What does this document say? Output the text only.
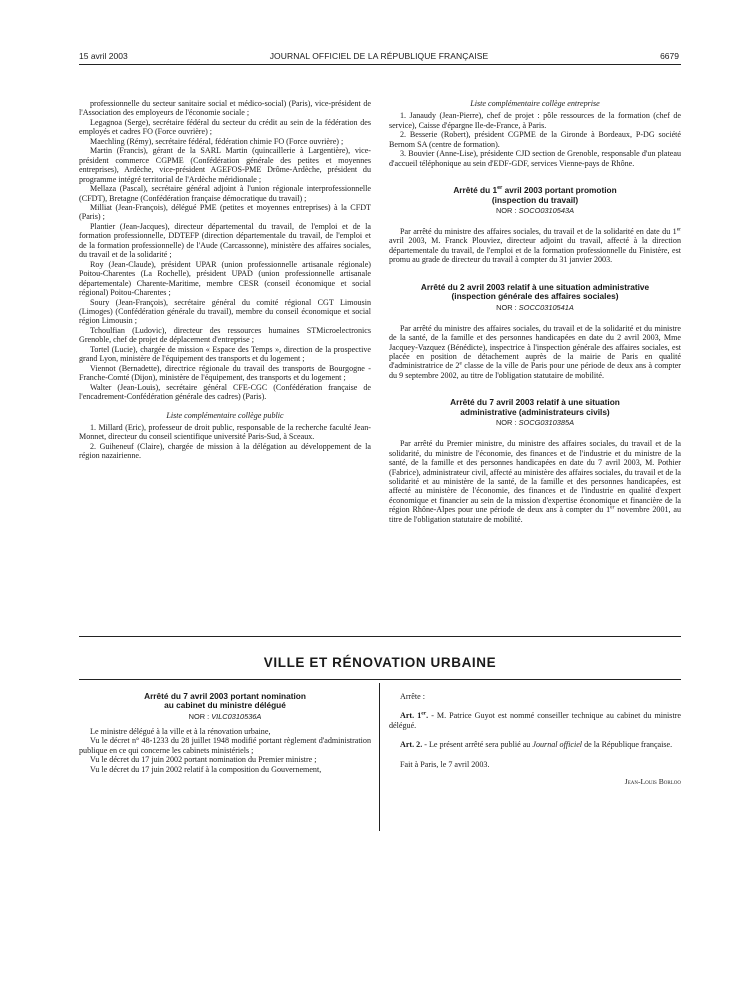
15 avril 2003	JOURNAL OFFICIEL DE LA RÉPUBLIQUE FRANÇAISE	6679

professionnelle du secteur sanitaire social et médico-social) (Paris), vice-président de l'Association des employeurs de l'économie sociale ;

Legagnoa (Serge), secrétaire fédéral du secteur du crédit au sein de la fédération des employés et cadres FO (Force ouvrière) ;

Maechling (Rémy), secrétaire fédéral, fédération chimie FO (Force ouvrière) ;

Martin (Francis), gérant de la SARL Martin (quincaillerie à Largentière), vice-président commerce CGPME (Confédération générale des petites et moyennes entreprises), Ardèche, vice-président AGEFOS-PME Drôme-Ardèche, président du programme intégré territorial de l'Ardèche méridionale ;

Mellaza (Pascal), secrétaire général adjoint à l'union régionale interprofessionnelle (CFDT), Bretagne (Confédération française démocratique du travail) ;

Milliat (Jean-François), délégué PME (petites et moyennes entreprises) à la CFDT (Paris) ;

Plantier (Jean-Jacques), directeur départemental du travail, de l'emploi et de la formation professionnelle, DDTEFP (direction départementale du travail, de l'emploi et de la formation professionnelle) de l'Aude (Carcassonne), ministère des affaires sociales, du travail et de la solidarité ;

Roy (Jean-Claude), président UPAR (union professionnelle artisanale régionale) Poitou-Charentes (La Rochelle), président UPAD (union professionnelle artisanale départementale) Charente-Maritime, membre CESR (conseil économique et social régional) Poitou-Charentes ;

Soury (Jean-François), secrétaire général du comité régional CGT Limousin (Limoges) (Confédération générale du travail), membre du conseil économique et social région Limousin ;

Tchoulfian (Ludovic), directeur des ressources humaines STMicroelectronics Grenoble, chef de projet de déplacement d'entreprise ;

Tortel (Lucie), chargée de mission « Espace des Temps », direction de la prospective grand Lyon, ministère de l'équipement des transports et du logement ;

Viennot (Bernadette), directrice régionale du travail des transports de Bourgogne - Franche-Comté (Dijon), ministère de l'équipement, des transports et du logement ;

Walter (Jean-Louis), secrétaire général CFE-CGC (Confédération française de l'encadrement-Confédération générale des cadres) (Paris).

Liste complémentaire collège public

1. Millard (Eric), professeur de droit public, responsable de la recherche faculté Jean-Monnet, directeur du conseil scientifique université Paris-Sud, à Sceaux.

2. Guiheneuf (Claire), chargée de mission à la délégation au développement de la région nazairienne.

Liste complémentaire collège entreprise

1. Janaudy (Jean-Pierre), chef de projet : pôle ressources de la formation (chef de service), Caisse d'épargne Ile-de-France, à Paris.

2. Besserie (Robert), président CGPME de la Gironde à Bordeaux, P-DG société Bernom SA (centre de formation).

3. Bouvier (Anne-Lise), présidente CJD section de Grenoble, responsable d'un plateau d'accueil téléphonique au sein d'EDF-GDF, services Vienne-pays de Rhône.

Arrêté du 1er avril 2003 portant promotion

(inspection du travail)

NOR : SOCO0310543A

Par arrêté du ministre des affaires sociales, du travail et de la solidarité en date du 1er avril 2003, M. Franck Plouviez, directeur adjoint du travail, affecté à la direction départementale du travail, de l'emploi et de la formation professionnelle du Finistère, est promu au grade de directeur du travail à compter du 31 janvier 2003.

Arrêté du 2 avril 2003 relatif à une situation administrative

(inspection générale des affaires sociales)

NOR : SOCC0310541A

Par arrêté du ministre des affaires sociales, du travail et de la solidarité et du ministre de la santé, de la famille et des personnes handicapées en date du 2 avril 2003, Mme Jacquey-Vazquez (Bénédicte), inspectrice à l'inspection générale des affaires sociales, est placée en position de détachement auprès de la mairie de Paris en qualité d'administratrice de 2e classe de la ville de Paris pour une période de deux ans à compter du 9 septembre 2002, au titre de l'obligation statutaire de mobilité.

Arrêté du 7 avril 2003 relatif à une situation

administrative (administrateurs civils)

NOR : SOCG0310385A

Par arrêté du Premier ministre, du ministre des affaires sociales, du travail et de la solidarité, du ministre de l'économie, des finances et de l'industrie et du ministre de la santé, de la famille et des personnes handicapées en date du 7 avril 2003, M. Pothier (Fabrice), administrateur civil, affecté au ministère des affaires sociales, du travail et de la solidarité et au ministère de la santé, de la famille et des personnes handicapées, est affecté au ministère de l'économie, des finances et de l'industrie en qualité d'expert économique et financier au sein de la mission d'expertise économique et financière de la région Rhône-Alpes pour une période de deux ans à compter du 1er novembre 2001, au titre de l'obligation statutaire de mobilité.

VILLE ET RÉNOVATION URBAINE

Arrêté du 7 avril 2003 portant nomination

au cabinet du ministre délégué

NOR : VILC0310536A

Le ministre délégué à la ville et à la rénovation urbaine,

Vu le décret n° 48-1233 du 28 juillet 1948 modifié portant règlement d'administration publique en ce qui concerne les cabinets ministériels ;

Vu le décret du 17 juin 2002 portant nomination du Premier ministre ;

Vu le décret du 17 juin 2002 relatif à la composition du Gouvernement,

Arrête :

Art. 1er. - M. Patrice Guyot est nommé conseiller technique au cabinet du ministre délégué.

Art. 2. - Le présent arrêté sera publié au Journal officiel de la République française.

Fait à Paris, le 7 avril 2003.

Jean-Louis Borloo
